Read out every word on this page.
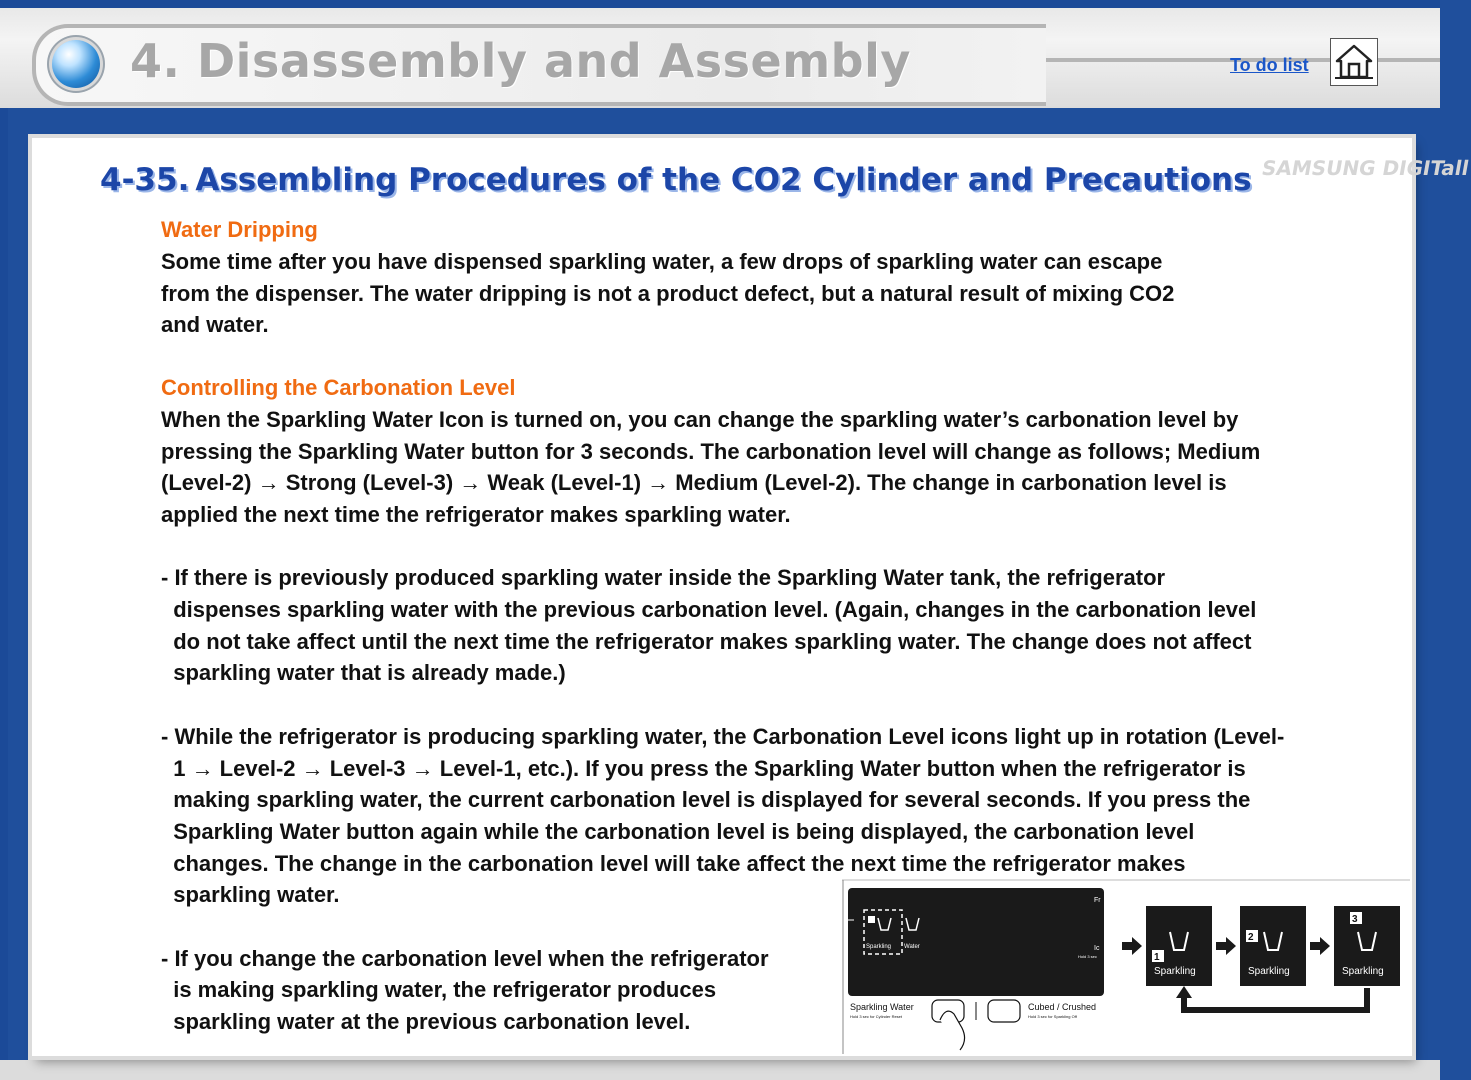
4. Disassembly and Assembly	To do list
SAMSUNG DIGITall
4-35. Assembling Procedures of the CO2 Cylinder and Precautions
Water Dripping
Some time after you have dispensed sparkling water, a few drops of sparkling water can escape
from the dispenser. The water dripping is not a product defect, but a natural result of mixing CO2
and water.
Controlling the Carbonation Level
When the Sparkling Water Icon is turned on, you can change the sparkling water’s carbonation level by
pressing the Sparkling Water button for 3 seconds. The carbonation level will change as follows; Medium
(Level-2) → Strong (Level-3) → Weak (Level-1) → Medium (Level-2). The change in carbonation level is
applied the next time the refrigerator makes sparkling water.
- If there is previously produced sparkling water inside the Sparkling Water tank, the refrigerator
dispenses sparkling water with the previous carbonation level. (Again, changes in the carbonation level
do not take affect until the next time the refrigerator makes sparkling water. The change does not affect
sparkling water that is already made.)
- While the refrigerator is producing sparkling water, the Carbonation Level icons light up in rotation (Level-
1 → Level-2 → Level-3 → Level-1, etc.). If you press the Sparkling Water button when the refrigerator is
making sparkling water, the current carbonation level is displayed for several seconds. If you press the
Sparkling Water button again while the carbonation level is being displayed, the carbonation level
changes. The change in the carbonation level will take affect the next time the refrigerator makes
sparkling water.
- If you change the carbonation level when the refrigerator
is making sparkling water, the refrigerator produces
sparkling water at the previous carbonation level.
Sparkling Water
Fr
Ic
Hold 3 sec
Sparkling Water
Hold 3 sec for Cylinder Reset
Cubed / Crushed
Hold 3 sec for Sparkling Off
1
Sparkling
2
Sparkling
3
Sparkling
